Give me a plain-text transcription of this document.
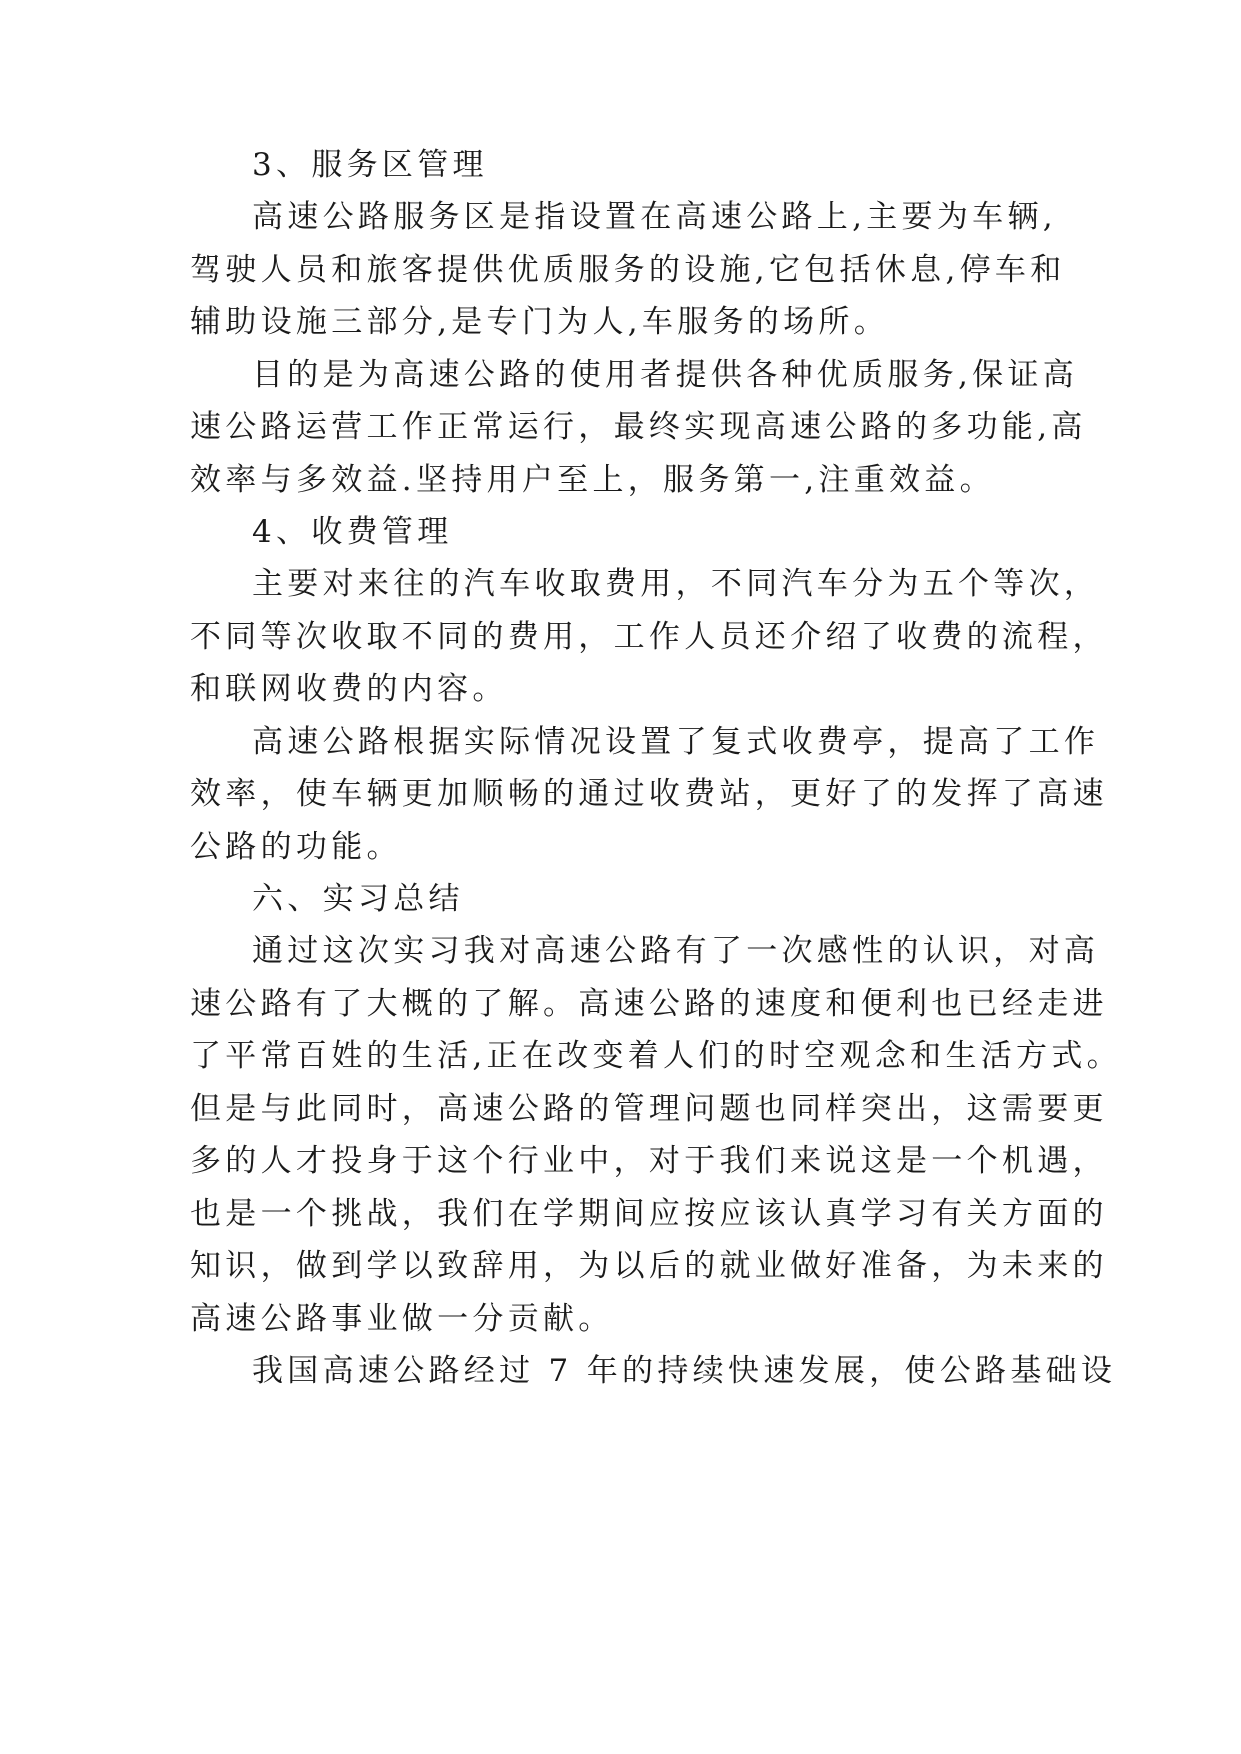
3、服务区管理
高速公路服务区是指设置在高速公路上,主要为车辆,
驾驶人员和旅客提供优质服务的设施,它包括休息,停车和
辅助设施三部分,是专门为人,车服务的场所。
目的是为高速公路的使用者提供各种优质服务,保证高
速公路运营工作正常运行，最终实现高速公路的多功能,高
效率与多效益.坚持用户至上，服务第一,注重效益。
4、收费管理
主要对来往的汽车收取费用，不同汽车分为五个等次，
不同等次收取不同的费用，工作人员还介绍了收费的流程，
和联网收费的内容。
高速公路根据实际情况设置了复式收费亭，提高了工作
效率，使车辆更加顺畅的通过收费站，更好了的发挥了高速
公路的功能。
六、实习总结
通过这次实习我对高速公路有了一次感性的认识，对高
速公路有了大概的了解。高速公路的速度和便利也已经走进
了平常百姓的生活,正在改变着人们的时空观念和生活方式。
但是与此同时，高速公路的管理问题也同样突出，这需要更
多的人才投身于这个行业中，对于我们来说这是一个机遇，
也是一个挑战，我们在学期间应按应该认真学习有关方面的
知识，做到学以致辞用，为以后的就业做好准备，为未来的
高速公路事业做一分贡献。
我国高速公路经过 7 年的持续快速发展，使公路基础设
